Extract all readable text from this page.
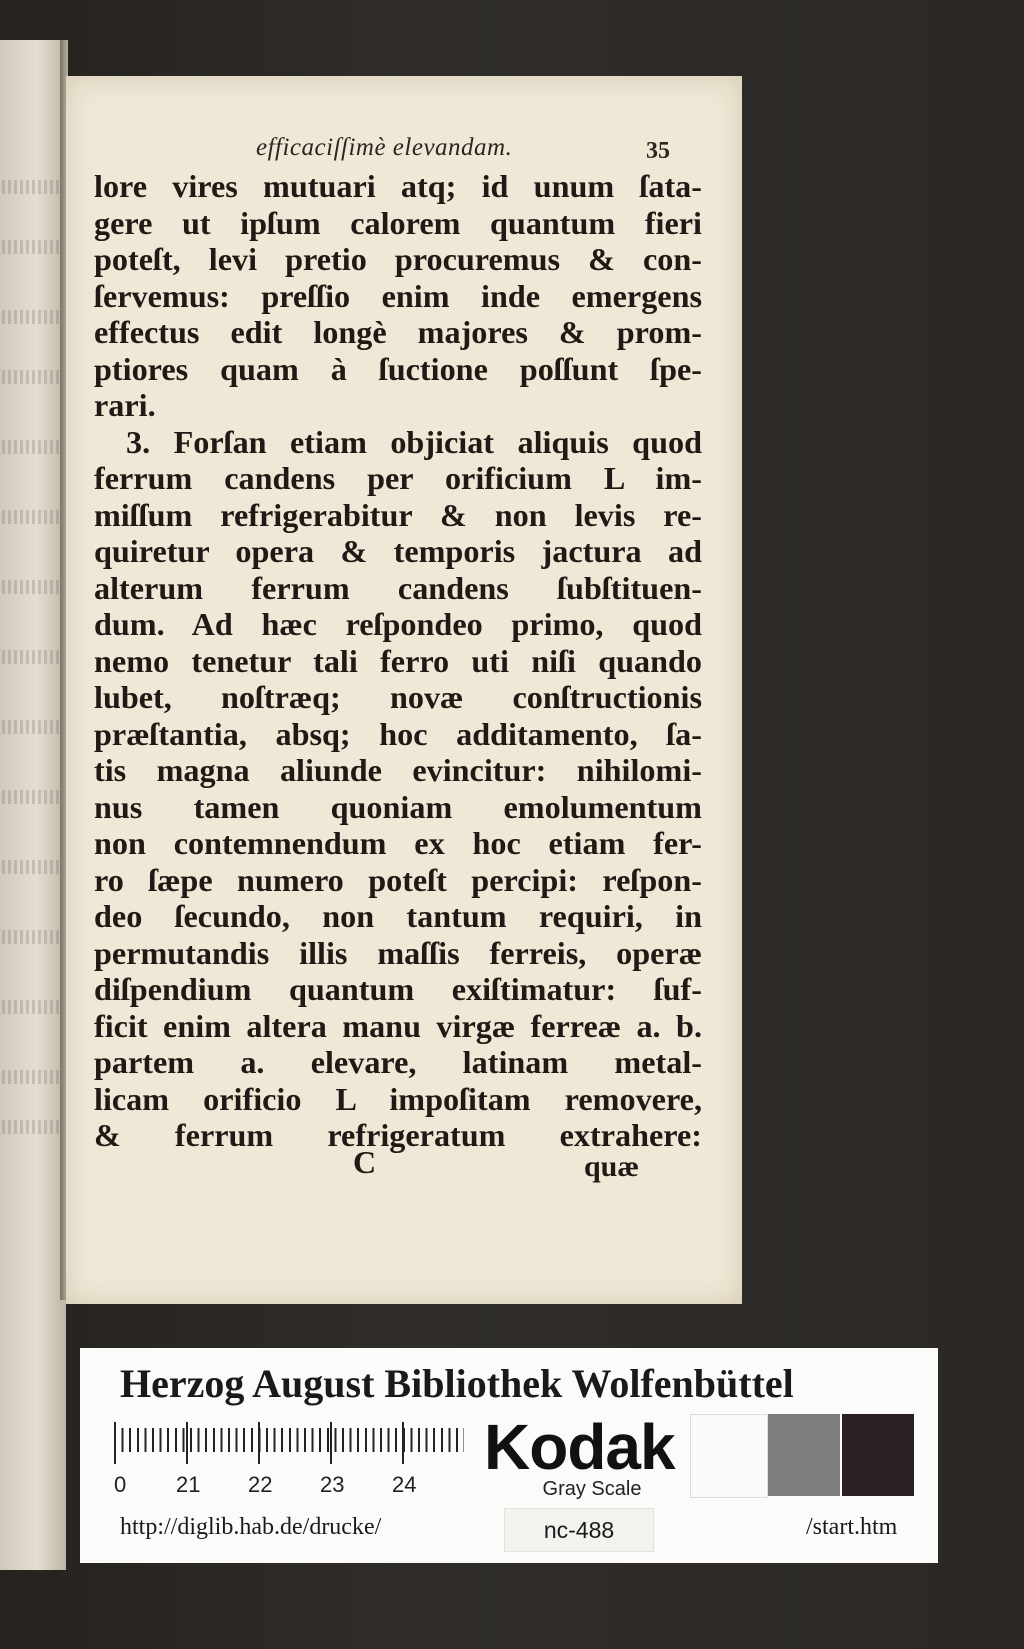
efficaciſſimè elevandam.	35
lore vires mutuari atq; id unum ſata-
gere ut ipſum calorem quantum fieri
poteſt, levi pretio procuremus & con-
ſervemus: preſſio enim inde emergens
effectus edit longè majores & prom-
ptiores quam à ſuctione poſſunt ſpe-
rari.
3. Forſan etiam objiciat aliquis quod
ferrum candens per orificium L im-
miſſum refrigerabitur & non levis re-
quiretur opera & temporis jactura ad
alterum ferrum candens ſubſtituen-
dum. Ad hæc reſpondeo primo, quod
nemo tenetur tali ferro uti niſi quando
lubet, noſtræq; novæ conſtructionis
præſtantia, absq; hoc additamento, ſa-
tis magna aliunde evincitur: nihilomi-
nus tamen quoniam emolumentum
non contemnendum ex hoc etiam fer-
ro ſæpe numero poteſt percipi: reſpon-
deo ſecundo, non tantum requiri, in
permutandis illis maſſis ferreis, operæ
diſpendium quantum exiſtimatur: ſuf-
ficit enim altera manu virgæ ferreæ a. b.
partem a. elevare, latinam metal-
licam orificio L impoſitam removere,
& ferrum refrigeratum extrahere:
C	quæ
Herzog August Bibliothek Wolfenbüttel
0 21 22 23 24
Kodak
Gray Scale
http://diglib.hab.de/drucke/	nc-488	/start.htm
